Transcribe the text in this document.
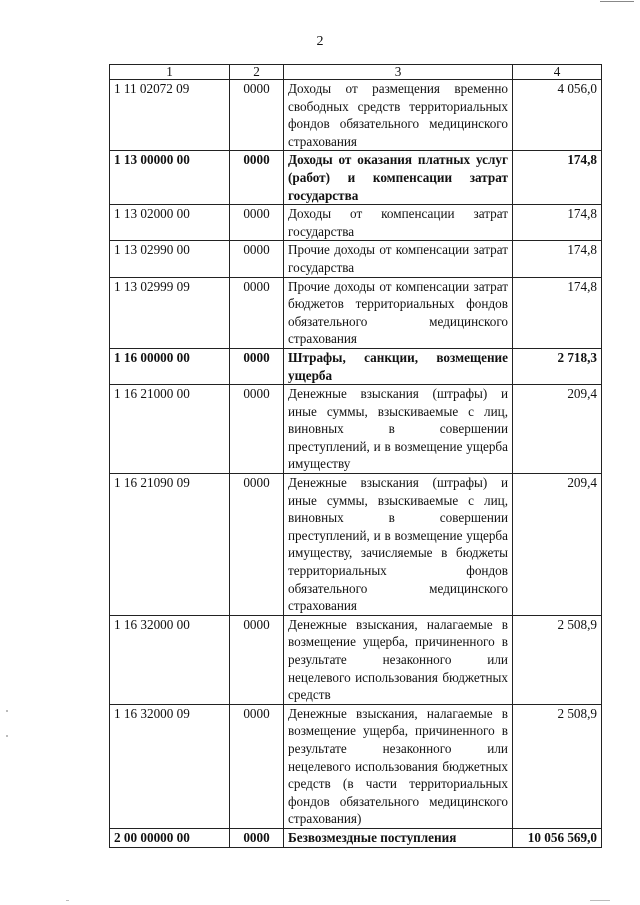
2
1	2	3	4
1 11 02072 09	0000	Доходы от размещения временно свободных средств территориальных фондов обязательного медицинского страхования	4 056,0
1 13 00000 00	0000	Доходы от оказания платных услуг (работ) и компенсации затрат государства	174,8
1 13 02000 00	0000	Доходы от компенсации затрат государства	174,8
1 13 02990 00	0000	Прочие доходы от компенсации затрат государства	174,8
1 13 02999 09	0000	Прочие доходы от компенсации затрат бюджетов территориальных фондов обязательного медицинского страхования	174,8
1 16 00000 00	0000	Штрафы, санкции, возмещение ущерба	2 718,3
1 16 21000 00	0000	Денежные взыскания (штрафы) и иные суммы, взыскиваемые с лиц, виновных в совершении преступлений, и в возмещение ущерба имуществу	209,4
1 16 21090 09	0000	Денежные взыскания (штрафы) и иные суммы, взыскиваемые с лиц, виновных в совершении преступлений, и в возмещение ущерба имуществу, зачисляемые в бюджеты территориальных фондов обязательного медицинского страхования	209,4
1 16 32000 00	0000	Денежные взыскания, налагаемые в возмещение ущерба, причиненного в результате незаконного или нецелевого использования бюджетных средств	2 508,9
1 16 32000 09	0000	Денежные взыскания, налагаемые в возмещение ущерба, причиненного в результате незаконного или нецелевого использования бюджетных средств (в части территориальных фондов обязательного медицинского страхования)	2 508,9
2 00 00000 00	0000	Безвозмездные поступления	10 056 569,0
